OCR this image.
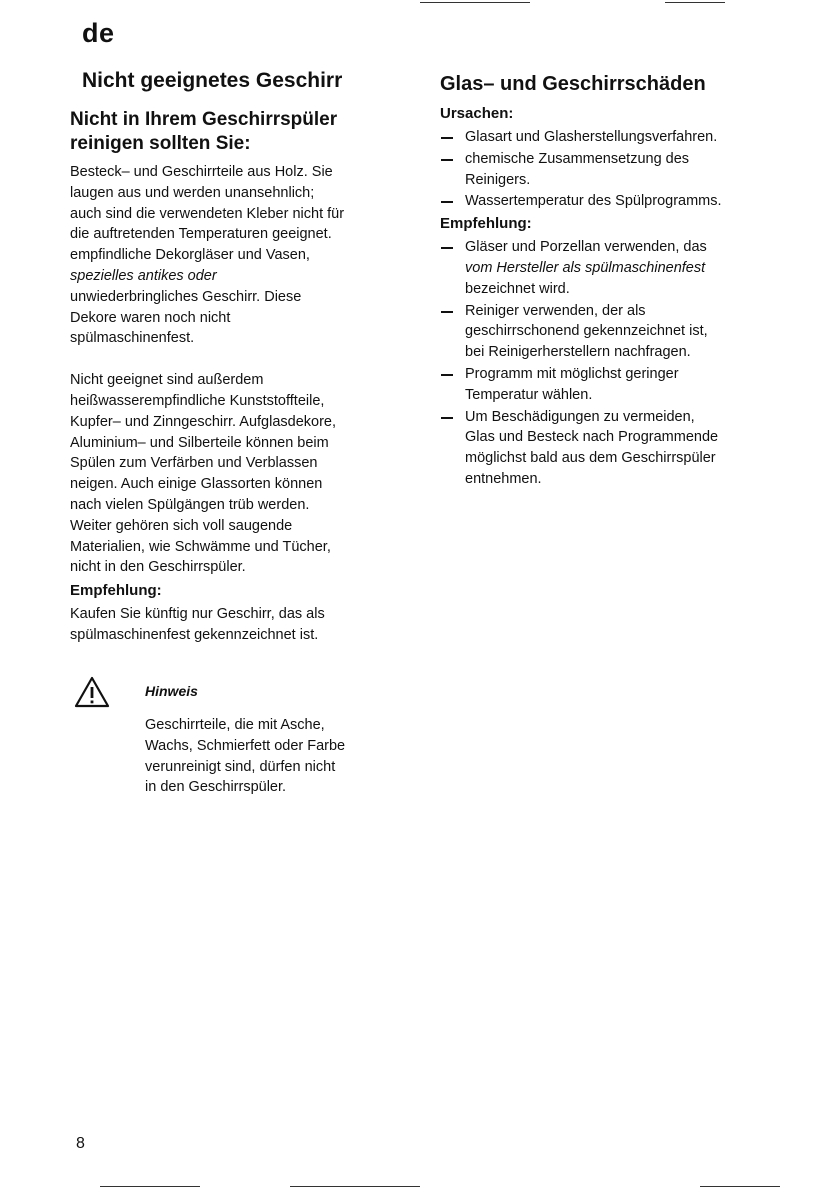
de
Nicht geeignetes Geschirr
Nicht in Ihrem Geschirrspüler
reinigen sollten Sie:
Besteck– und Geschirrteile aus Holz. Sie
laugen aus und werden unansehnlich;
auch sind die verwendeten Kleber nicht für
die auftretenden Temperaturen geeignet.
empfindliche Dekorgläser und Vasen,
spezielles antikes oder
unwiederbringliches Geschirr. Diese
Dekore waren noch nicht
spülmaschinenfest.
Nicht geeignet sind außerdem
heißwasserempfindliche Kunststoffteile,
Kupfer– und Zinngeschirr. Aufglasdekore,
Aluminium– und Silberteile können beim
Spülen zum Verfärben und Verblassen
neigen. Auch einige Glassorten können
nach vielen Spülgängen trüb werden.
Weiter gehören sich voll saugende
Materialien, wie Schwämme und Tücher,
nicht in den Geschirrspüler.
Empfehlung:
Kaufen Sie künftig nur Geschirr, das als
spülmaschinenfest gekennzeichnet ist.
Hinweis
Geschirrteile, die mit Asche,
Wachs, Schmierfett oder Farbe
verunreinigt sind, dürfen nicht
in den Geschirrspüler.
Glas– und Geschirrschäden
Ursachen:
Glasart und Glasherstellungsverfahren.
chemische Zusammensetzung des
Reinigers.
Wassertemperatur des Spülprogramms.
Empfehlung:
Gläser und Porzellan verwenden, das
vom Hersteller als spülmaschinenfest
bezeichnet wird.
Reiniger verwenden, der als
geschirrschonend gekennzeichnet ist,
bei Reinigerherstellern nachfragen.
Programm mit möglichst geringer
Temperatur wählen.
Um Beschädigungen zu vermeiden,
Glas und Besteck nach Programmende
möglichst bald aus dem Geschirrspüler
entnehmen.
8
